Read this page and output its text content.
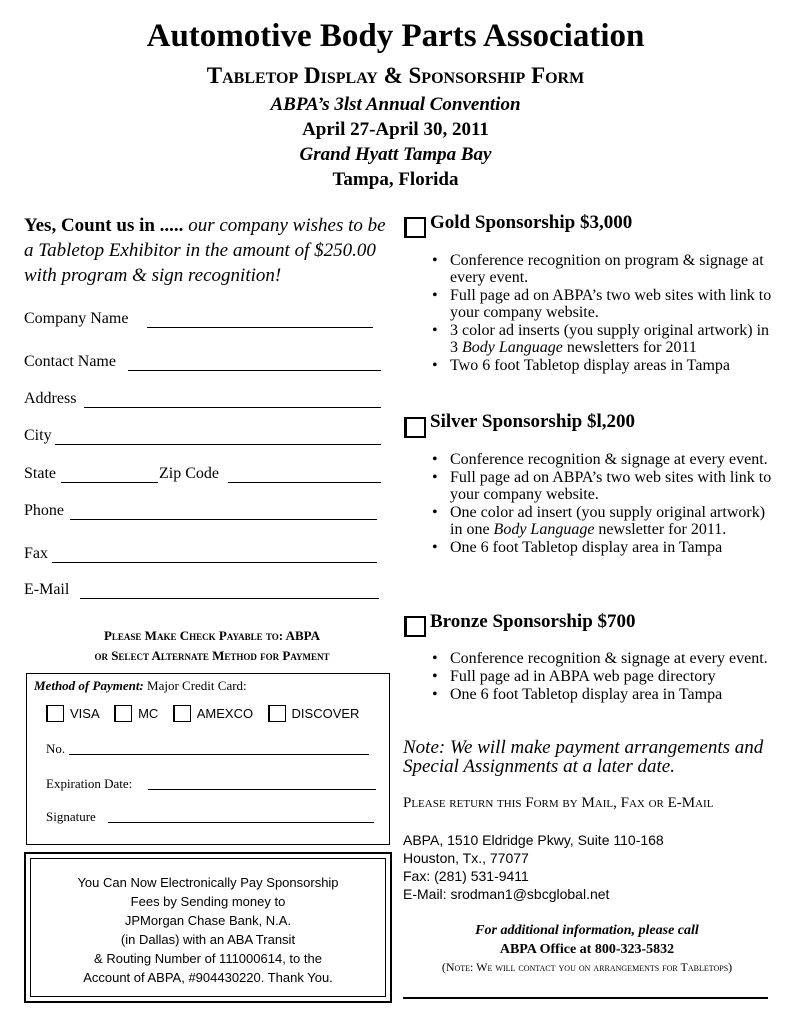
Automotive Body Parts Association
Tabletop Display & Sponsorship Form
ABPA’s 3lst Annual Convention
April 27-April 30, 2011
Grand Hyatt Tampa Bay
Tampa, Florida
Yes, Count us in ..... our company wishes to be a Tabletop Exhibitor in the amount of $250.00 with program & sign recognition!
Company Name
Contact Name
Address
City
State	Zip Code
Phone
Fax
E-Mail
Please Make Check Payable to: ABPA
or Select Alternate Method for Payment
Method of Payment: Major Credit Card:
VISA
	MC
	AMEXCO
	DISCOVER
No.
Expiration Date:
Signature
You Can Now Electronically Pay Sponsorship
Fees by Sending money to
JPMorgan Chase Bank, N.A.
(in Dallas) with an ABA Transit
& Routing Number of 111000614, to the
Account of ABPA, #904430220. Thank You.
Gold Sponsorship $3,000
• Conference recognition on program & signage at every event.
• Full page ad on ABPA’s two web sites with link to your company website.
• 3 color ad inserts (you supply original artwork) in 3 Body Language newsletters for 2011
• Two 6 foot Tabletop display areas in Tampa
Silver Sponsorship $l,200
• Conference recognition & signage at every event.
• Full page ad on ABPA’s two web sites with link to your company website.
• One color ad insert (you supply original artwork) in one Body Language newsletter for 2011.
• One 6 foot Tabletop display area in Tampa
Bronze Sponsorship $700
• Conference recognition & signage at every event.
• Full page ad in ABPA web page directory
• One 6 foot Tabletop display area in Tampa
Note: We will make payment arrangements and Special Assignments at a later date.
Please return this Form by Mail, Fax or E-Mail
ABPA, 1510 Eldridge Pkwy, Suite 110-168
Houston, Tx., 77077
Fax: (281) 531-9411
E-Mail: srodman1@sbcglobal.net
For additional information, please call
ABPA Office at 800-323-5832
(Note: We will contact you on arrangements for Tabletops)
